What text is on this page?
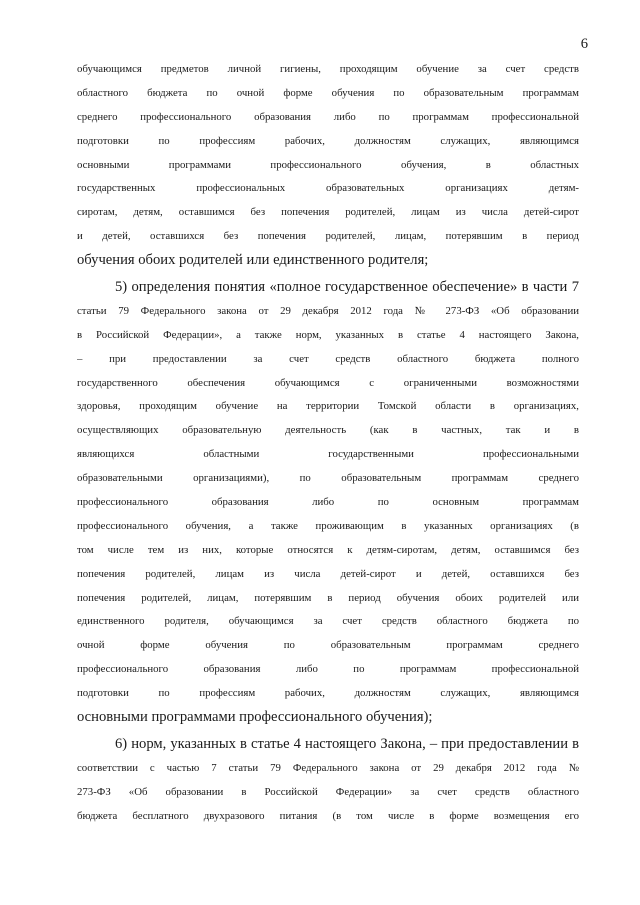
6
обучающимся предметов личной гигиены, проходящим обучение за счет средств
областного бюджета по очной форме обучения по образовательным программам
среднего профессионального образования либо по программам профессиональной
подготовки по профессиям рабочих, должностям служащих, являющимся
основными программами профессионального обучения, в областных
государственных профессиональных образовательных организациях детям-
сиротам, детям, оставшимся без попечения родителей, лицам из числа детей-сирот
и детей, оставшихся без попечения родителей, лицам, потерявшим в период
обучения обоих родителей или единственного родителя;
5) определения понятия «полное государственное обеспечение» в части 7
статьи 79 Федерального закона от 29 декабря 2012 года № 273-ФЗ «Об образовании
в Российской Федерации», а также норм, указанных в статье 4 настоящего Закона,
– при предоставлении за счет средств областного бюджета полного
государственного обеспечения обучающимся с ограниченными возможностями
здоровья, проходящим обучение на территории Томской области в организациях,
осуществляющих образовательную деятельность (как в частных, так и в
являющихся областными государственными профессиональными
образовательными организациями), по образовательным программам среднего
профессионального образования либо по основным программам
профессионального обучения, а также проживающим в указанных организациях (в
том числе тем из них, которые относятся к детям-сиротам, детям, оставшимся без
попечения родителей, лицам из числа детей-сирот и детей, оставшихся без
попечения родителей, лицам, потерявшим в период обучения обоих родителей или
единственного родителя, обучающимся за счет средств областного бюджета по
очной форме обучения по образовательным программам среднего
профессионального образования либо по программам профессиональной
подготовки по профессиям рабочих, должностям служащих, являющимся
основными программами профессионального обучения);
6) норм, указанных в статье 4 настоящего Закона, – при предоставлении в
соответствии с частью 7 статьи 79 Федерального закона от 29 декабря 2012 года №
273-ФЗ «Об образовании в Российской Федерации» за счет средств областного
бюджета бесплатного двухразового питания (в том числе в форме возмещения его
